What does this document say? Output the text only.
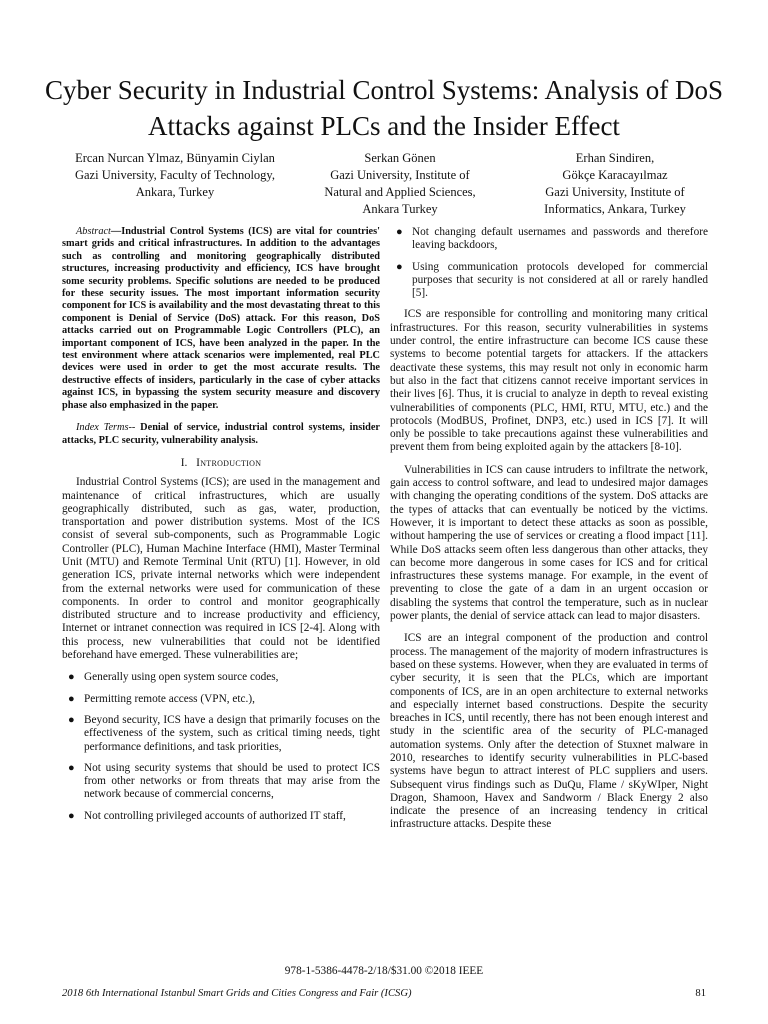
Cyber Security in Industrial Control Systems: Analysis of DoS Attacks against PLCs and the Insider Effect
Ercan Nurcan Ylmaz, Bünyamin Ciylan
Gazi University, Faculty of Technology,
Ankara, Turkey
Serkan Gönen
Gazi University, Institute of
Natural and Applied Sciences,
Ankara Turkey
Erhan Sindiren,
Gökçe Karacayılmaz
Gazi University, Institute of
Informatics, Ankara, Turkey

Abstract—Industrial Control Systems (ICS) are vital for countries' smart grids and critical infrastructures. In addition to the advantages such as controlling and monitoring geographically distributed structures, increasing productivity and efficiency, ICS have brought some security problems. Specific solutions are needed to be produced for these security issues. The most important information security component for ICS is availability and the most devastating threat to this component is Denial of Service (DoS) attack. For this reason, DoS attacks carried out on Programmable Logic Controllers (PLC), an important component of ICS, have been analyzed in the paper. In the test environment where attack scenarios were implemented, real PLC devices were used in order to get the most accurate results. The destructive effects of insiders, particularly in the case of cyber attacks against ICS, in bypassing the system security measure and discovery phase also emphasized in the paper.

Index Terms-- Denial of service, industrial control systems, insider attacks, PLC security, vulnerability analysis.

I. Introduction

Industrial Control Systems (ICS); are used in the management and maintenance of critical infrastructures, which are usually geographically distributed, such as gas, water, production, transportation and power distribution systems. Most of the ICS consist of several sub-components, such as Programmable Logic Controller (PLC), Human Machine Interface (HMI), Master Terminal Unit (MTU) and Remote Terminal Unit (RTU) [1]. However, in old generation ICS, private internal networks which were independent from the external networks were used for communication of these components. In order to control and monitor geographically distributed structure and to increase productivity and efficiency, Internet or intranet connection was required in ICS [2-4]. Along with this process, new vulnerabilities that could not be identified beforehand have emerged. These vulnerabilities are;

● Generally using open system source codes,
● Permitting remote access (VPN, etc.),
● Beyond security, ICS have a design that primarily focuses on the effectiveness of the system, such as critical timing needs, tight performance definitions, and task priorities,
● Not using security systems that should be used to protect ICS from other networks or from threats that may arise from the network because of commercial concerns,
● Not controlling privileged accounts of authorized IT staff,
● Not changing default usernames and passwords and therefore leaving backdoors,
● Using communication protocols developed for commercial purposes that security is not considered at all or rarely handled [5].

ICS are responsible for controlling and monitoring many critical infrastructures. For this reason, security vulnerabilities in systems under control, the entire infrastructure can become ICS cause these systems to become potential targets for attackers. If the attackers deactivate these systems, this may result not only in economic harm but also in the fact that citizens cannot receive important services in their lives [6]. Thus, it is crucial to analyze in depth to reveal existing vulnerabilities of components (PLC, HMI, RTU, MTU, etc.) and the protocols (ModBUS, Profinet, DNP3, etc.) used in ICS [7]. It will only be possible to take precautions against these vulnerabilities and prevent them from being exploited again by the attackers [8-10].

Vulnerabilities in ICS can cause intruders to infiltrate the network, gain access to control software, and lead to undesired major damages with changing the operating conditions of the system. DoS attacks are the types of attacks that can eventually be noticed by the victims. However, it is important to detect these attacks as soon as possible, without hampering the use of services or creating a flood impact [11]. While DoS attacks seem often less dangerous than other attacks, they can become more dangerous in some cases for ICS and for critical infrastructures these systems manage. For example, in the event of preventing to close the gate of a dam in an urgent occasion or disabling the systems that control the temperature, such as in nuclear power plants, the denial of service attack can lead to major disasters.

ICS are an integral component of the production and control process. The management of the majority of modern infrastructures is based on these systems. However, when they are evaluated in terms of cyber security, it is seen that the PLCs, which are important components of ICS, are in an open architecture to external networks and especially internet based constructions. Despite the security breaches in ICS, until recently, there has not been enough interest and study in the scientific area of the security of PLC-managed automation systems. Only after the detection of Stuxnet malware in 2010, researches to identify security vulnerabilities in PLC-based systems have begun to attract interest of PLC suppliers and users. Subsequent virus findings such as DuQu, Flame / sKyWIper, Night Dragon, Shamoon, Havex and Sandworm / Black Energy 2 also indicate the presence of an increasing tendency in critical infrastructure attacks. Despite these

978-1-5386-4478-2/18/$31.00 ©2018 IEEE
2018 6th International Istanbul Smart Grids and Cities Congress and Fair (ICSG)	81
